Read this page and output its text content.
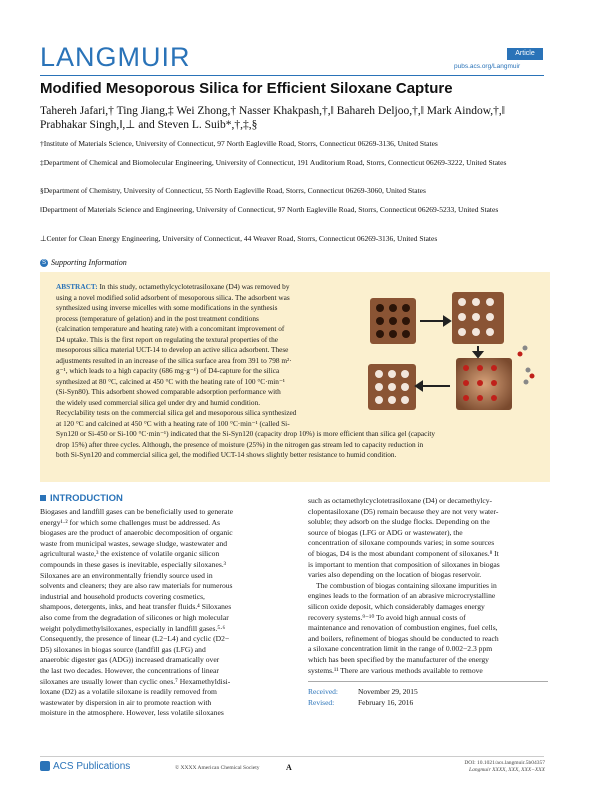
LANGMUIR	Article
pubs.acs.org/Langmuir
Modified Mesoporous Silica for Efficient Siloxane Capture
Tahereh Jafari,† Ting Jiang,‡ Wei Zhong,† Nasser Khakpash,†,‖ Bahareh Deljoo,†,‖ Mark Aindow,†,‖
Prabhakar Singh,‖,⊥ and Steven L. Suib*,†,‡,§
†Institute of Materials Science, University of Connecticut, 97 North Eagleville Road, Storrs, Connecticut 06269-3136, United States
‡Department of Chemical and Biomolecular Engineering, University of Connecticut, 191 Auditorium Road, Storrs, Connecticut 06269-3222, United States
§Department of Chemistry, University of Connecticut, 55 North Eagleville Road, Storrs, Connecticut 06269-3060, United States
‖Department of Materials Science and Engineering, University of Connecticut, 97 North Eagleville Road, Storrs, Connecticut 06269-5233, United States
⊥Center for Clean Energy Engineering, University of Connecticut, 44 Weaver Road, Storrs, Connecticut 06269-3136, United States
S Supporting Information
ABSTRACT: In this study, octamethylcyclotetrasiloxane (D4) was removed by
using a novel modified solid adsorbent of mesoporous silica. The adsorbent was
synthesized using inverse micelles with some modifications in the synthesis
process (temperature of gelation) and in the post treatment conditions
(calcination temperature and heating rate) with a concomitant improvement of
D4 uptake. This is the first report on regulating the textural properties of the
mesoporous silica material UCT-14 to develop an active silica adsorbent. These
adjustments resulted in an increase of the silica surface area from 391 to 798 m²·
g⁻¹, which leads to a high capacity (686 mg·g⁻¹) of D4-capture for the silica
synthesized at 80 °C, calcined at 450 °C with the heating rate of 100 °C·min⁻¹
(Si-Syn80). This adsorbent showed comparable adsorption performance with
the widely used commercial silica gel under dry and humid condition.
Recyclability tests on the commercial silica gel and mesoporous silica synthesized
at 120 °C and calcined at 450 °C with a heating rate of 100 °C·min⁻¹ (called Si-
Syn120 or Si-450 or Si-100 °C·min⁻¹) indicated that the Si-Syn120 (capacity drop 10%) is more efficient than silica gel (capacity
drop 15%) after three cycles. Although, the presence of moisture (25%) in the nitrogen gas stream led to capacity reduction in
both Si-Syn120 and commercial silica gel, the modified UCT-14 shows slightly better resistance to humid condition.
INTRODUCTION
Biogases and landfill gases can be beneficially used to generate
energy¹·² for which some challenges must be addressed. As
biogases are the product of anaerobic decomposition of organic
waste from municipal wastes, sewage sludge, wastewater and
agricultural waste,³ the existence of volatile organic silicon
compounds in these gases is inevitable, especially siloxanes.³
Siloxanes are an environmentally friendly source used in
solvents and cleaners; they are also raw materials for numerous
industrial and household products covering cosmetics,
shampoos, detergents, inks, and heat transfer fluids.⁴ Siloxanes
also come from the degradation of silicones or high molecular
weight polydimethylsiloxanes, especially in landfill gases.⁵·⁶
Consequently, the presence of linear (L2−L4) and cyclic (D2−
D5) siloxanes in biogas source (landfill gas (LFG) and
anaerobic digester gas (ADG)) increased dramatically over
the last two decades. However, the concentrations of linear
siloxanes are usually lower than cyclic ones.⁷ Hexamethyldisi-
loxane (D2) as a volatile siloxane is readily removed from
wastewater by dispersion in air to promote reaction with
moisture in the atmosphere. However, less volatile siloxanes
such as octamethylcyclotetrasiloxane (D4) or decamethylcy-
clopentasiloxane (D5) remain because they are not very water-
soluble; they adsorb on the sludge flocks. Depending on the
source of biogas (LFG or ADG or wastewater), the
concentration of siloxane compounds varies; in some sources
of biogas, D4 is the most abundant component of siloxanes.⁸ It
is important to mention that composition of siloxanes in biogas
varies also depending on the location of biogas reservoir.
The combustion of biogas containing siloxane impurities in
engines leads to the formation of an abrasive microcrystalline
silicon oxide deposit, which considerably damages energy
recovery systems.⁹⁻¹⁰ To avoid high annual costs of
maintenance and renovation of combustion engines, fuel cells,
and boilers, refinement of biogas should be conducted to reach
a siloxane concentration limit in the range of 0.002−2.3 ppm
which has been specified by the manufacturer of the energy
systems.¹¹ There are various methods available to remove
Received:	November 29, 2015
Revised:	February 16, 2016
ACS Publications	© XXXX American Chemical Society	A	DOI: 10.1021/acs.langmuir.5b04357
Langmuir XXXX, XXX, XXX−XXX
